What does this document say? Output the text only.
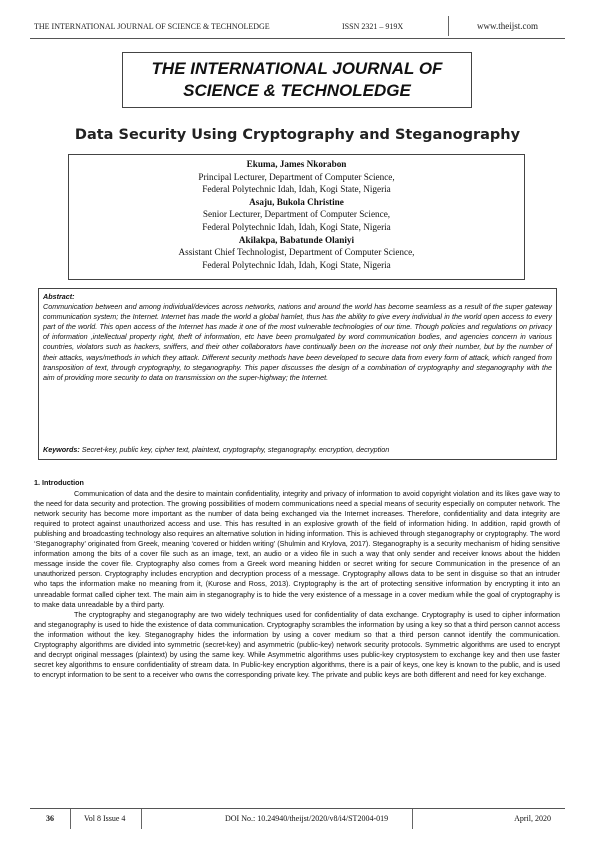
THE INTERNATIONAL JOURNAL OF SCIENCE & TECHNOLEDGE	ISSN 2321 – 919X	www.theijst.com
THE INTERNATIONAL JOURNAL OF
SCIENCE & TECHNOLEDGE
Data Security Using Cryptography and Steganography
Ekuma, James Nkorabon
Principal Lecturer, Department of Computer Science,
Federal Polytechnic Idah, Idah, Kogi State, Nigeria
Asaju, Bukola Christine
Senior Lecturer, Department of Computer Science,
Federal Polytechnic Idah, Idah, Kogi State, Nigeria
Akilakpa, Babatunde Olaniyi
Assistant Chief Technologist, Department of Computer Science,
Federal Polytechnic Idah, Idah, Kogi State, Nigeria
Abstract:
Communication between and among individual/devices across networks, nations and around the world has become seamless as a result of the super gateway communication system; the Internet. Internet has made the world a global hamlet, thus has the ability to give every individual in the world open access to every part of the world. This open access of the Internet has made it one of the most vulnerable technologies of our time. Though policies and regulations on privacy of information ,intellectual property right, theft of information, etc have been promulgated by word communication bodies, and agencies concern in various countries, violators such as hackers, sniffers, and their other collaborators have continually been on the increase not only their number, but by the number of their attacks, ways/methods in which they attack. Different security methods have been developed to secure data from every form of attack, which ranged from transposition of text, through cryptography, to steganography. This paper discusses the design of a combination of cryptography and steganography with the aim of providing more security to data on transmission on the super-highway; the Internet.
Keywords: Secret-key, public key, cipher text, plaintext, cryptography, steganography. encryption, decryption
1. Introduction

Communication of data and the desire to maintain confidentiality, integrity and privacy of information to avoid copyright violation and its likes gave way to the need for data security and protection. The growing possibilities of modern communications need a special means of security especially on computer network. The network security has become more important as the number of data being exchanged via the Internet increases. Therefore, confidentiality and data integrity are required to protect against unauthorized access and use. This has resulted in an explosive growth of the field of information hiding. In addition, rapid growth of publishing and broadcasting technology also requires an alternative solution in hiding information. This is achieved through steganography or cryptography. The word ‘Steganography’ originated from Greek, meaning ‘covered or hidden writing’ (Shulmin and Krylova, 2017). Steganography is a security mechanism of hiding sensitive information among the bits of a cover file such as an image, text, an audio or a video file in such a way that only sender and receiver knows about the hidden message inside the cover file. Cryptography also comes from a Greek word meaning hidden or secret writing for secure Communication in the presence of an unauthorized person. Cryptography includes encryption and decryption process of a message. Cryptography allows data to be sent in disguise so that an intruder who taps the information make no meaning from it, (Kurose and Ross, 2013). Cryptography is the art of protecting sensitive information by encrypting it into an unreadable format called cipher text. The main aim in steganography is to hide the very existence of a message in a cover medium while the goal of cryptography is to make data unreadable by a third party.

The cryptography and steganography are two widely techniques used for confidentiality of data exchange. Cryptography is used to cipher information and steganography is used to hide the existence of data communication. Cryptography scrambles the information by using a key so that a third person cannot access the information without the key. Steganography hides the information by using a cover medium so that a third person cannot identify the communication. Cryptography algorithms are divided into symmetric (secret-key) and asymmetric (public-key) network security protocols. Symmetric algorithms are used to encrypt and decrypt original messages (plaintext) by using the same key. While Asymmetric algorithms uses public-key cryptosystem to exchange key and then use faster secret key algorithms to ensure confidentiality of stream data. In Public-key encryption algorithms, there is a pair of keys, one key is known to the public, and is used to encrypt information to be sent to a receiver who owns the corresponding private key. The private and public keys are both different and need for key exchange.

36	Vol 8 Issue 4	DOI No.: 10.24940/theijst/2020/v8/i4/ST2004-019	April, 2020
